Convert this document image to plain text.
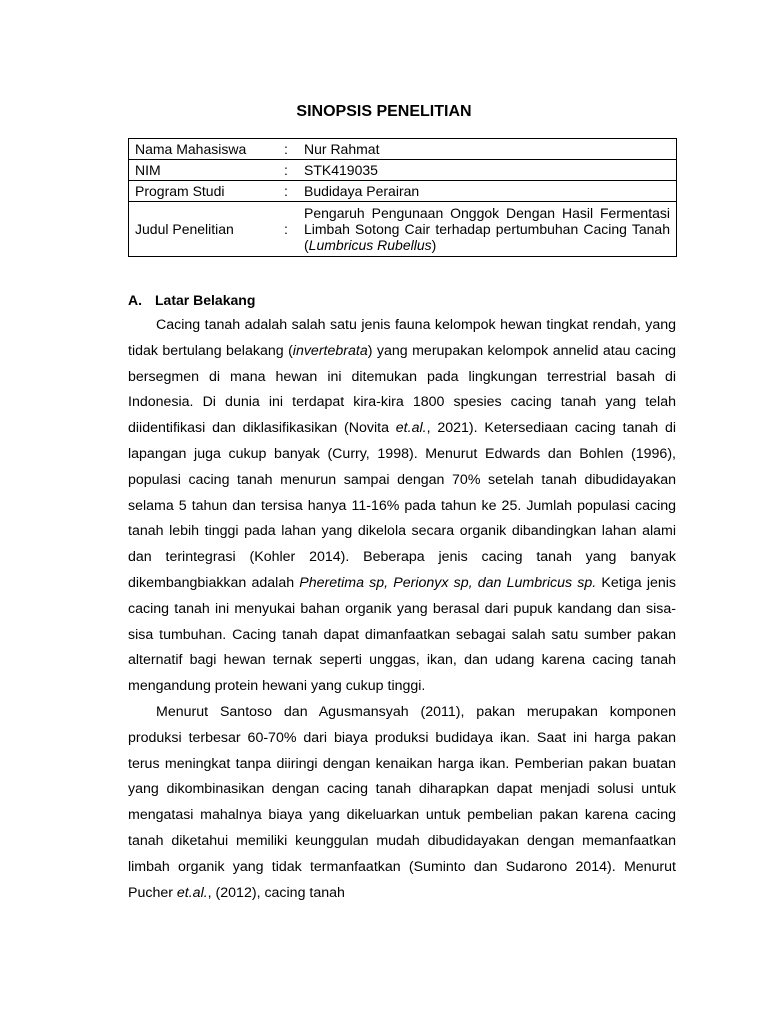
SINOPSIS PENELITIAN
Nama Mahasiswa	:	Nur Rahmat
NIM	:	STK419035
Program Studi	:	Budidaya Perairan
Judul Penelitian	:	Pengaruh Pengunaan Onggok Dengan Hasil Fermentasi Limbah Sotong Cair terhadap pertumbuhan Cacing Tanah (Lumbricus Rubellus)
A. Latar Belakang

Cacing tanah adalah salah satu jenis fauna kelompok hewan tingkat rendah, yang tidak bertulang belakang (invertebrata) yang merupakan kelompok annelid atau cacing bersegmen di mana hewan ini ditemukan pada lingkungan terrestrial basah di Indonesia. Di dunia ini terdapat kira-kira 1800 spesies cacing tanah yang telah diidentifikasi dan diklasifikasikan (Novita et.al., 2021). Ketersediaan cacing tanah di lapangan juga cukup banyak (Curry, 1998). Menurut Edwards dan Bohlen (1996), populasi cacing tanah menurun sampai dengan 70% setelah tanah dibudidayakan selama 5 tahun dan tersisa hanya 11-16% pada tahun ke 25. Jumlah populasi cacing tanah lebih tinggi pada lahan yang dikelola secara organik dibandingkan lahan alami dan terintegrasi (Kohler 2014). Beberapa jenis cacing tanah yang banyak dikembangbiakkan adalah Pheretima sp, Perionyx sp, dan Lumbricus sp. Ketiga jenis cacing tanah ini menyukai bahan organik yang berasal dari pupuk kandang dan sisa-sisa tumbuhan. Cacing tanah dapat dimanfaatkan sebagai salah satu sumber pakan alternatif bagi hewan ternak seperti unggas, ikan, dan udang karena cacing tanah mengandung protein hewani yang cukup tinggi.

Menurut Santoso dan Agusmansyah (2011), pakan merupakan komponen produksi terbesar 60-70% dari biaya produksi budidaya ikan. Saat ini harga pakan terus meningkat tanpa diiringi dengan kenaikan harga ikan. Pemberian pakan buatan yang dikombinasikan dengan cacing tanah diharapkan dapat menjadi solusi untuk mengatasi mahalnya biaya yang dikeluarkan untuk pembelian pakan karena cacing tanah diketahui memiliki keunggulan mudah dibudidayakan dengan memanfaatkan limbah organik yang tidak termanfaatkan (Suminto dan Sudarono 2014). Menurut Pucher et.al., (2012), cacing tanah
